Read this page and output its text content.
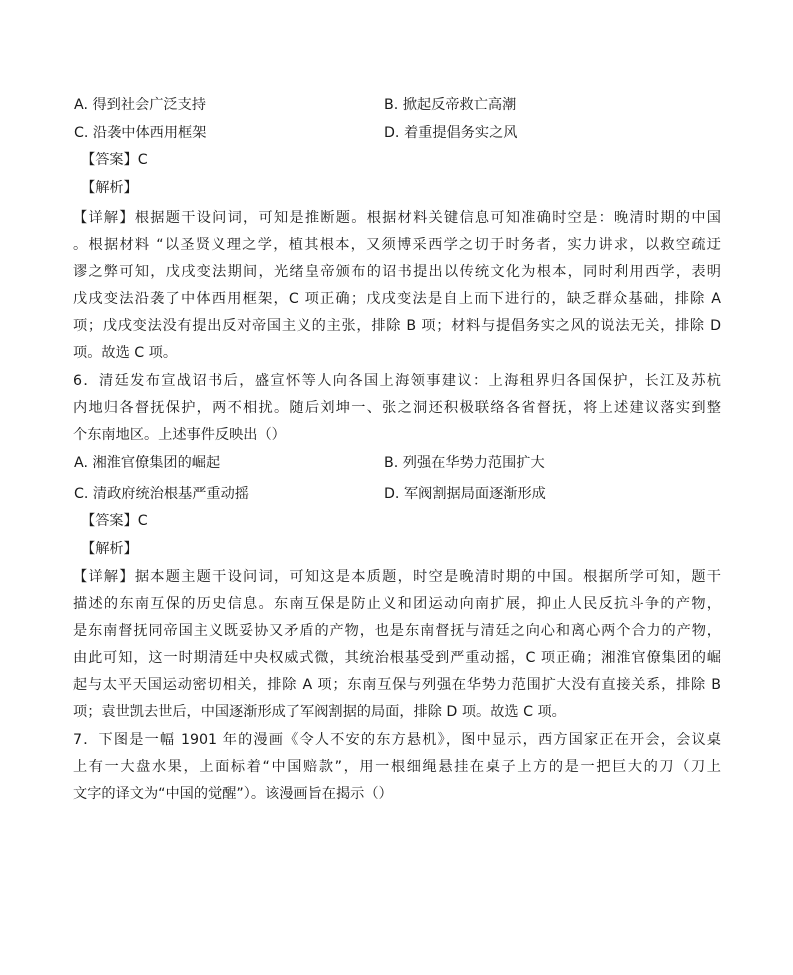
A. 得到社会广泛支持	B. 掀起反帝救亡高潮
C. 沿袭中体西用框架	D. 着重提倡务实之风
【答案】C
【解析】
【详解】根据题干设问词，可知是推断题。根据材料关键信息可知准确时空是：晚清时期的中国
。根据材料 “以圣贤义理之学，植其根本，又须博采西学之切于时务者，实力讲求，以救空疏迂
谬之弊可知，戊戌变法期间，光绪皇帝颁布的诏书提出以传统文化为根本，同时利用西学，表明
戊戌变法沿袭了中体西用框架，C 项正确；戊戌变法是自上而下进行的，缺乏群众基础，排除 A
项；戊戌变法没有提出反对帝国主义的主张，排除 B 项；材料与提倡务实之风的说法无关，排除 D
项。故选 C 项。
6．清廷发布宣战诏书后，盛宣怀等人向各国上海领事建议：上海租界归各国保护，长江及苏杭
内地归各督抚保护，两不相扰。随后刘坤一、张之洞还积极联络各省督抚，将上述建议落实到整
个东南地区。上述事件反映出（）
A. 湘淮官僚集团的崛起	B. 列强在华势力范围扩大
C. 清政府统治根基严重动摇	D. 军阀割据局面逐渐形成
【答案】C
【解析】
【详解】据本题主题干设问词，可知这是本质题，时空是晚清时期的中国。根据所学可知，题干
描述的东南互保的历史信息。东南互保是防止义和团运动向南扩展，抑止人民反抗斗争的产物，
是东南督抚同帝国主义既妥协又矛盾的产物，也是东南督抚与清廷之向心和离心两个合力的产物，
由此可知，这一时期清廷中央权威式微，其统治根基受到严重动摇，C 项正确；湘淮官僚集团的崛
起与太平天国运动密切相关，排除 A 项；东南互保与列强在华势力范围扩大没有直接关系，排除 B
项；袁世凯去世后，中国逐渐形成了军阀割据的局面，排除 D 项。故选 C 项。
7．下图是一幅 1901 年的漫画《令人不安的东方悬机》，图中显示，西方国家正在开会，会议桌
上有一大盘水果，上面标着“中国赔款”，用一根细绳悬挂在桌子上方的是一把巨大的刀（刀上
文字的译文为“中国的觉醒”）。该漫画旨在揭示（）
